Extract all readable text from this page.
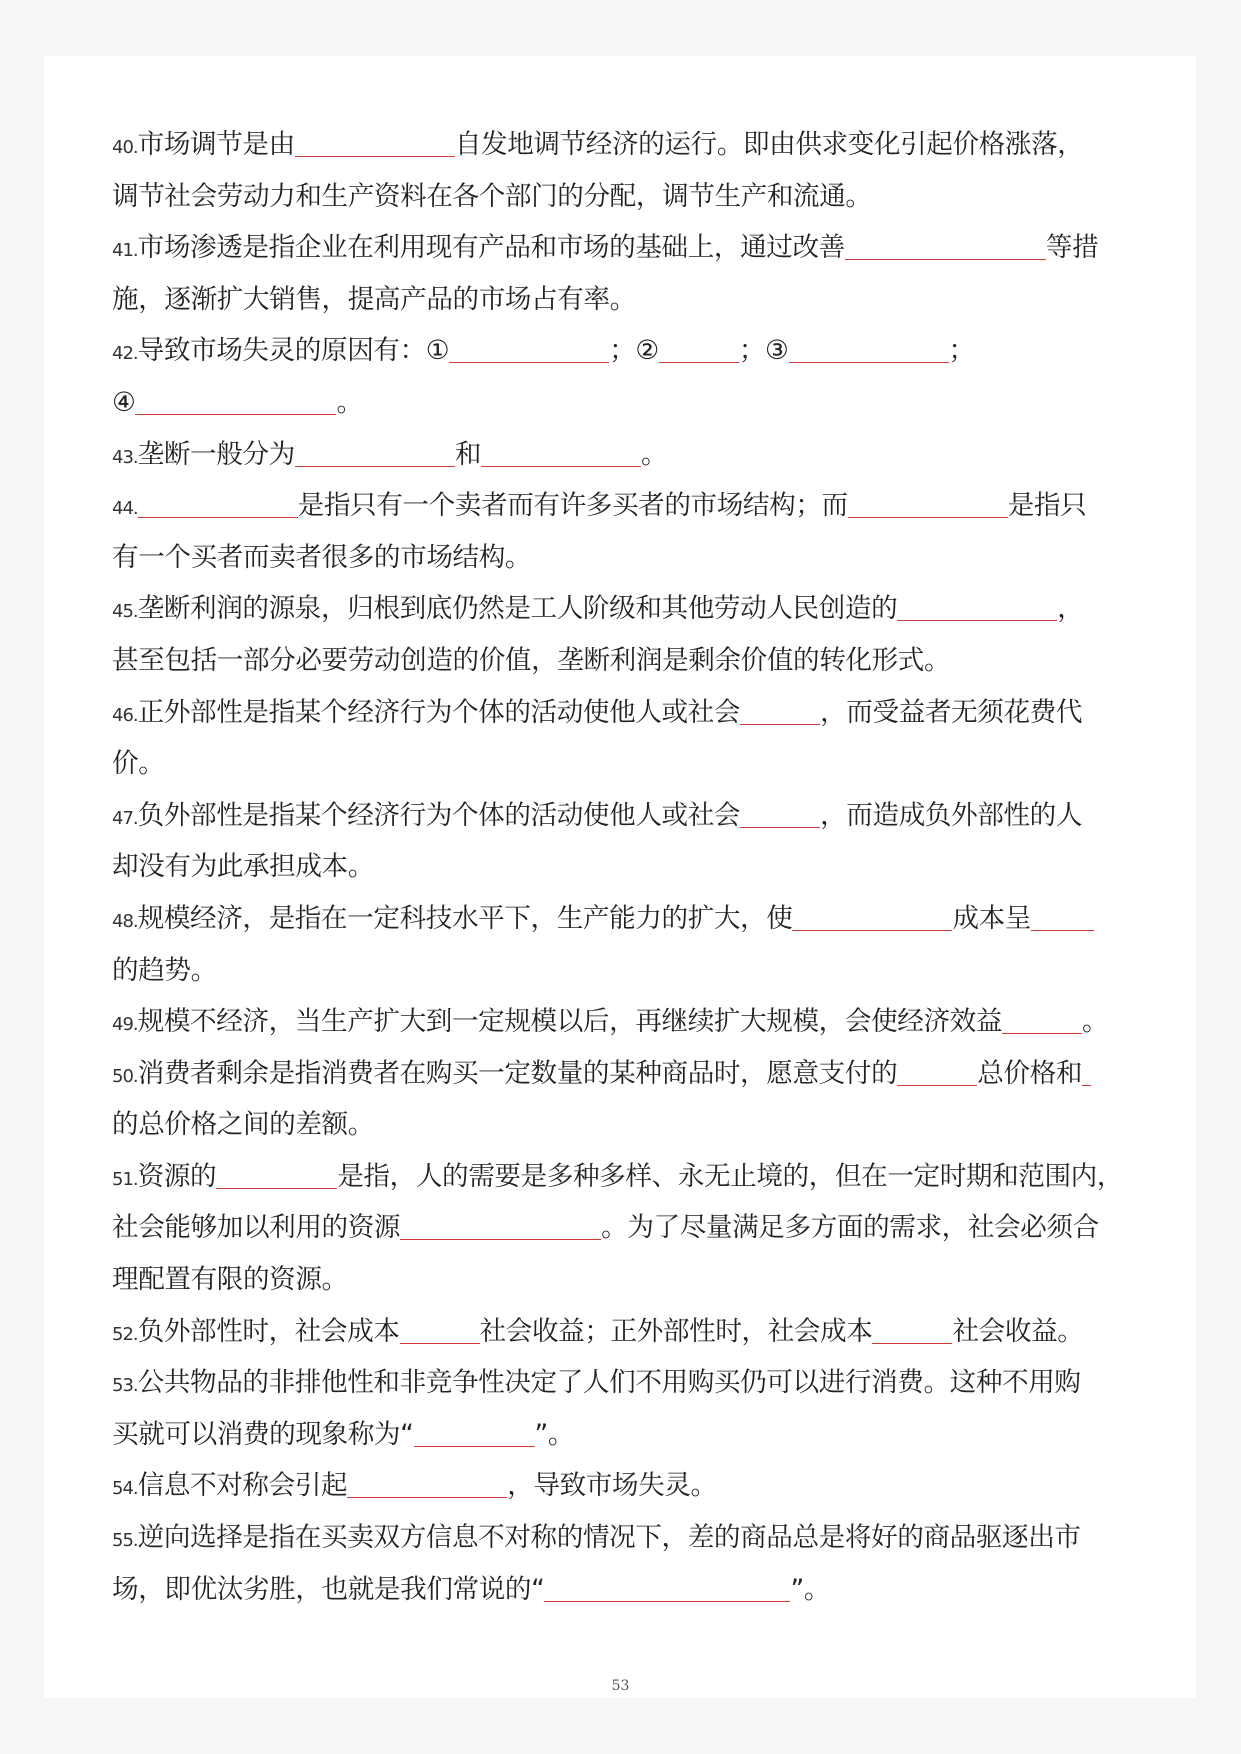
40.市场调节是由	自发地调节经济的运行。即由供求变化引起价格涨落，
调节社会劳动力和生产资料在各个部门的分配，调节生产和流通。
41.市场渗透是指企业在利用现有产品和市场的基础上，通过改善	等措
施，逐渐扩大销售，提高产品的市场占有率。
42.导致市场失灵的原因有：①	；②	；③	；
④	。
43.垄断一般分为	和	。
44.	是指只有一个卖者而有许多买者的市场结构；而	是指只
有一个买者而卖者很多的市场结构。
45.垄断利润的源泉，归根到底仍然是工人阶级和其他劳动人民创造的	，
甚至包括一部分必要劳动创造的价值，垄断利润是剩余价值的转化形式。
46.正外部性是指某个经济行为个体的活动使他人或社会	，而受益者无须花费代
价。
47.负外部性是指某个经济行为个体的活动使他人或社会	，而造成负外部性的人
却没有为此承担成本。
48.规模经济，是指在一定科技水平下，生产能力的扩大，使	成本呈
的趋势。
49.规模不经济，当生产扩大到一定规模以后，再继续扩大规模，会使经济效益	。
50.消费者剩余是指消费者在购买一定数量的某种商品时，愿意支付的	总价格和
的总价格之间的差额。
51.资源的	是指，人的需要是多种多样、永无止境的，但在一定时期和范围内，
社会能够加以利用的资源	。为了尽量满足多方面的需求，社会必须合
理配置有限的资源。
52.负外部性时，社会成本	社会收益；正外部性时，社会成本	社会收益。
53.公共物品的非排他性和非竞争性决定了人们不用购买仍可以进行消费。这种不用购
买就可以消费的现象称为“	”。
54.信息不对称会引起	，导致市场失灵。
55.逆向选择是指在买卖双方信息不对称的情况下，差的商品总是将好的商品驱逐出市
场，即优汰劣胜，也就是我们常说的“	”。
53
